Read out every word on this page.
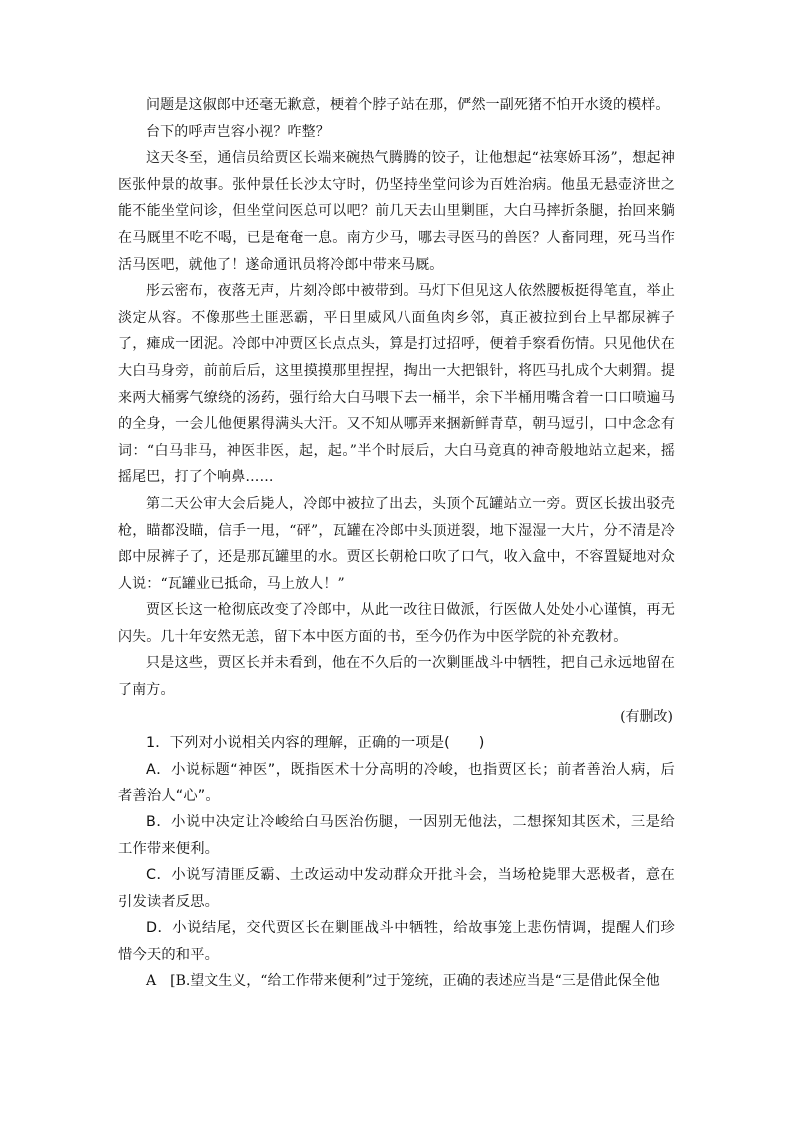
问题是这俶郎中还毫无歉意，梗着个脖子站在那，俨然一副死猪不怕开水烫的模样。

台下的呼声岂容小视？咋整？

这天冬至，通信员给贾区长端来碗热气腾腾的饺子，让他想起“祛寒娇耳汤”，想起神医张仲景的故事。张仲景任长沙太守时，仍坚持坐堂问诊为百姓治病。他虽无悬壶济世之能不能坐堂问诊，但坐堂问医总可以吧？前几天去山里剿匪，大白马摔折条腿，抬回来躺在马厩里不吃不喝，已是奄奄一息。南方少马，哪去寻医马的兽医？人畜同理，死马当作活马医吧，就他了！遂命通讯员将冷郎中带来马厩。

彤云密布，夜落无声，片刻冷郎中被带到。马灯下但见这人依然腰板挺得笔直，举止淡定从容。不像那些土匪恶霸，平日里威风八面鱼肉乡邻，真正被拉到台上早都尿裤子了，瘫成一团泥。冷郎中冲贾区长点点头，算是打过招呼，便着手察看伤情。只见他伏在大白马身旁，前前后后，这里摸摸那里捏捏，掏出一大把银针，将匹马扎成个大刺猬。提来两大桶雾气缭绕的汤药，强行给大白马喂下去一桶半，余下半桶用嘴含着一口口喷遍马的全身，一会儿他便累得满头大汗。又不知从哪弄来捆新鲜青草，朝马逗引，口中念念有词：“白马非马，神医非医，起，起。”半个时辰后，大白马竟真的神奇般地站立起来，摇摇尾巴，打了个响鼻……

第二天公审大会后毙人，冷郎中被拉了出去，头顶个瓦罐站立一旁。贾区长拔出驳壳枪，瞄都没瞄，信手一甩，“砰”，瓦罐在冷郎中头顶迸裂，地下湿湿一大片，分不清是冷郎中尿裤子了，还是那瓦罐里的水。贾区长朝枪口吹了口气，收入盒中，不容置疑地对众人说：“瓦罐业已抵命，马上放人！”

贾区长这一枪彻底改变了冷郎中，从此一改往日做派，行医做人处处小心谨慎，再无闪失。几十年安然无恙，留下本中医方面的书，至今仍作为中医学院的补充教材。

只是这些，贾区长并未看到，他在不久后的一次剿匪战斗中牺牲，把自己永远地留在了南方。

(有删改)

1．下列对小说相关内容的理解，正确的一项是(　　)

A．小说标题“神医”，既指医术十分高明的冷峻，也指贾区长；前者善治人病，后者善治人“心”。

B．小说中决定让冷峻给白马医治伤腿，一因别无他法，二想探知其医术，三是给工作带来便利。

C．小说写清匪反霸、土改运动中发动群众开批斗会，当场枪毙罪大恶极者，意在引发读者反思。

D．小说结尾，交代贾区长在剿匪战斗中牺牲，给故事笼上悲伤情调，提醒人们珍惜今天的和平。

A　[B.望文生义，“给工作带来便利”过于笼统，正确的表述应当是“三是借此保全他
